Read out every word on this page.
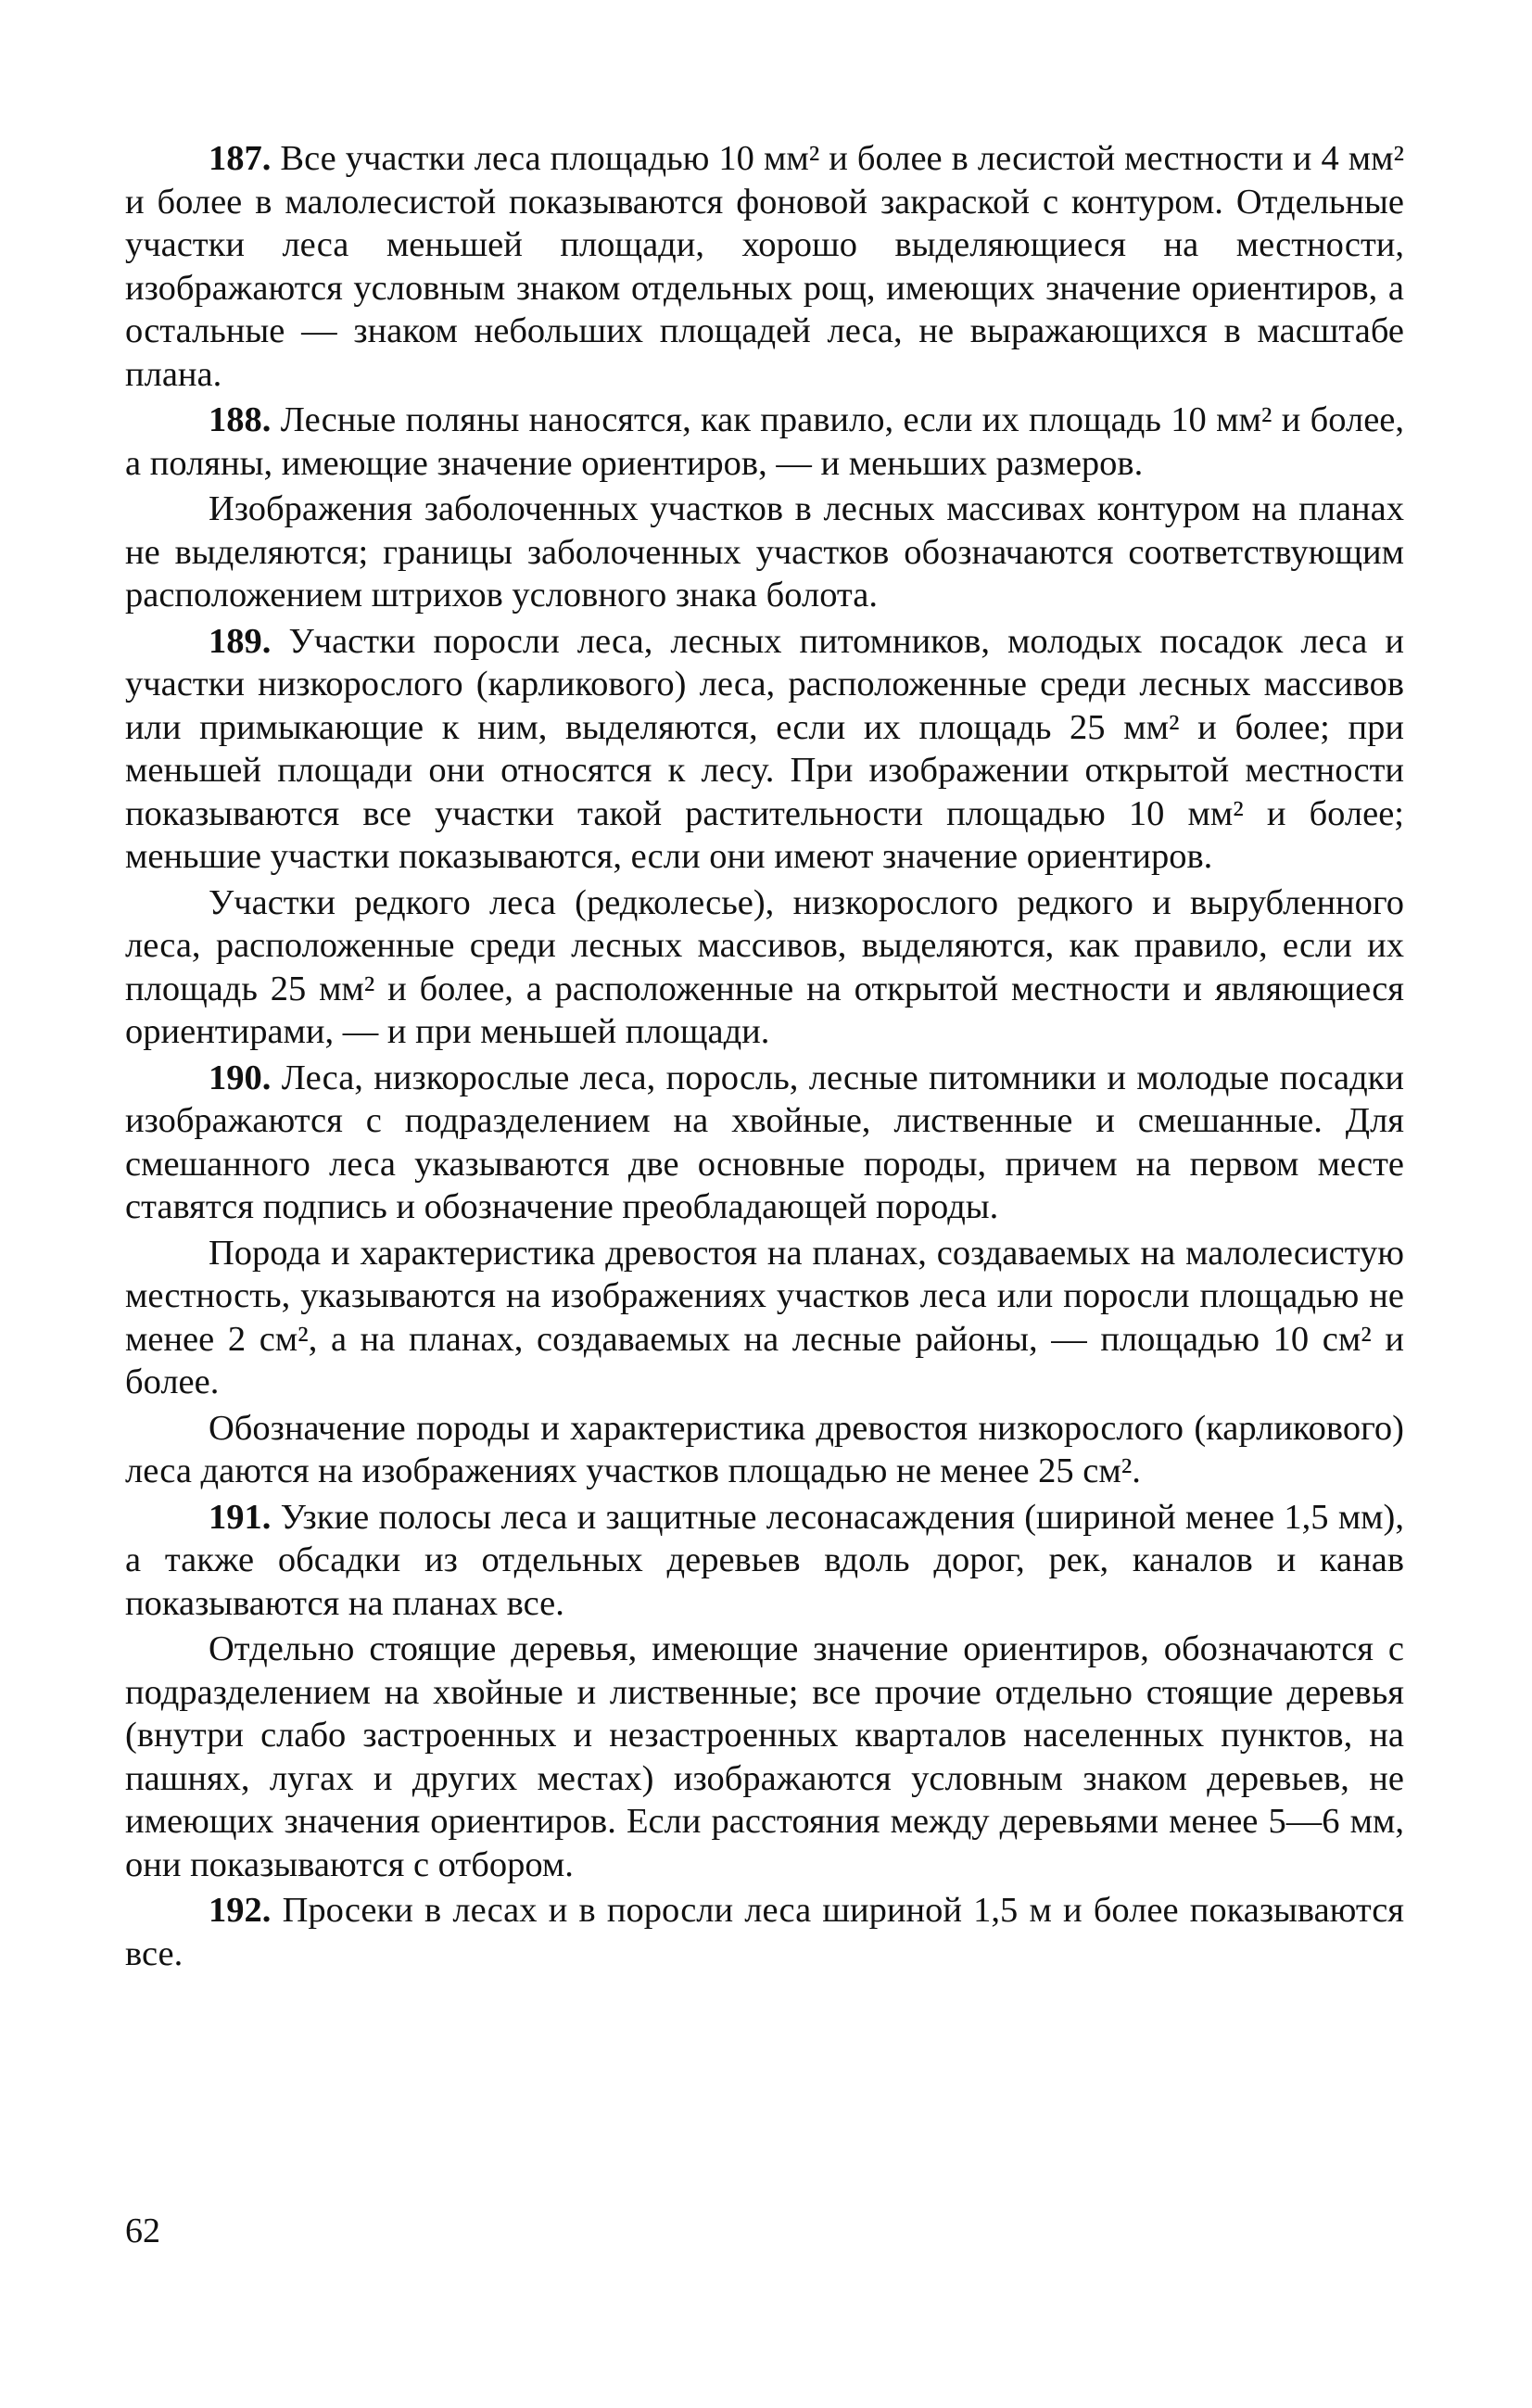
187. Все участки леса площадью 10 мм² и более в лесистой местности и 4 мм² и более в малолесистой показываются фоновой закраской с контуром. Отдельные участки леса меньшей площади, хорошо выделяющиеся на местности, изображаются условным знаком отдельных рощ, имеющих значение ориентиров, а остальные — знаком небольших площадей лесa, не выражающихся в масштабе плана.

188. Лесные поляны наносятся, как правило, если их площадь 10 мм² и более, а поляны, имеющие значение ориентиров, — и меньших размеров.

Изображения заболоченных участков в лесных массивах контуром на планах не выделяются; границы заболоченных участков обозначаются соответствующим расположением штрихов условного знака болота.

189. Участки поросли леса, лесных питомников, молодых посадок леса и участки низкорослого (карликового) леса, расположенные среди лесных массивов или примыкающие к ним, выделяются, если их площадь 25 мм² и более; при меньшей площади они относятся к лесу. При изображении открытой местности показываются все участки такой растительности площадью 10 мм² и более; меньшие участки показываются, если они имеют значение ориентиров.

Участки редкого леса (редколесье), низкорослого редкого и вырубленного леса, расположенные среди лесных массивов, выделяются, как правило, если их площадь 25 мм² и более, а расположенные на открытой местности и являющиеся ориентирами, — и при меньшей площади.

190. Леса, низкорослые леса, поросль, лесные питомники и молодые посадки изображаются с подразделением на хвойные, лиственные и смешанные. Для смешанного леса указываются две основные породы, причем на первом месте ставятся подпись и обозначение преобладающей породы.

Порода и характеристика древостоя на планах, создаваемых на малолесистую местность, указываются на изображениях участков леса или поросли площадью не менее 2 см², а на планах, создаваемых на лесные районы, — площадью 10 см² и более.

Обозначение породы и характеристика древостоя низкорослого (карликового) леса даются на изображениях участков площадью не менее 25 см².

191. Узкие полосы леса и защитные лесонасаждения (шириной менее 1,5 мм), а также обсадки из отдельных деревьев вдоль дорог, рек, каналов и канав показываются на планах все.

Отдельно стоящие деревья, имеющие значение ориентиров, обозначаются с подразделением на хвойные и лиственные; все прочие отдельно стоящие деревья (внутри слабо застроенных и незастроенных кварталов населенных пунктов, на пашнях, лугах и других местах) изображаются условным знаком деревьев, не имеющих значения ориентиров. Если расстояния между деревьями менее 5—6 мм, они показываются с отбором.

192. Просеки в лесах и в поросли леса шириной 1,5 м и более показываются все.

62
